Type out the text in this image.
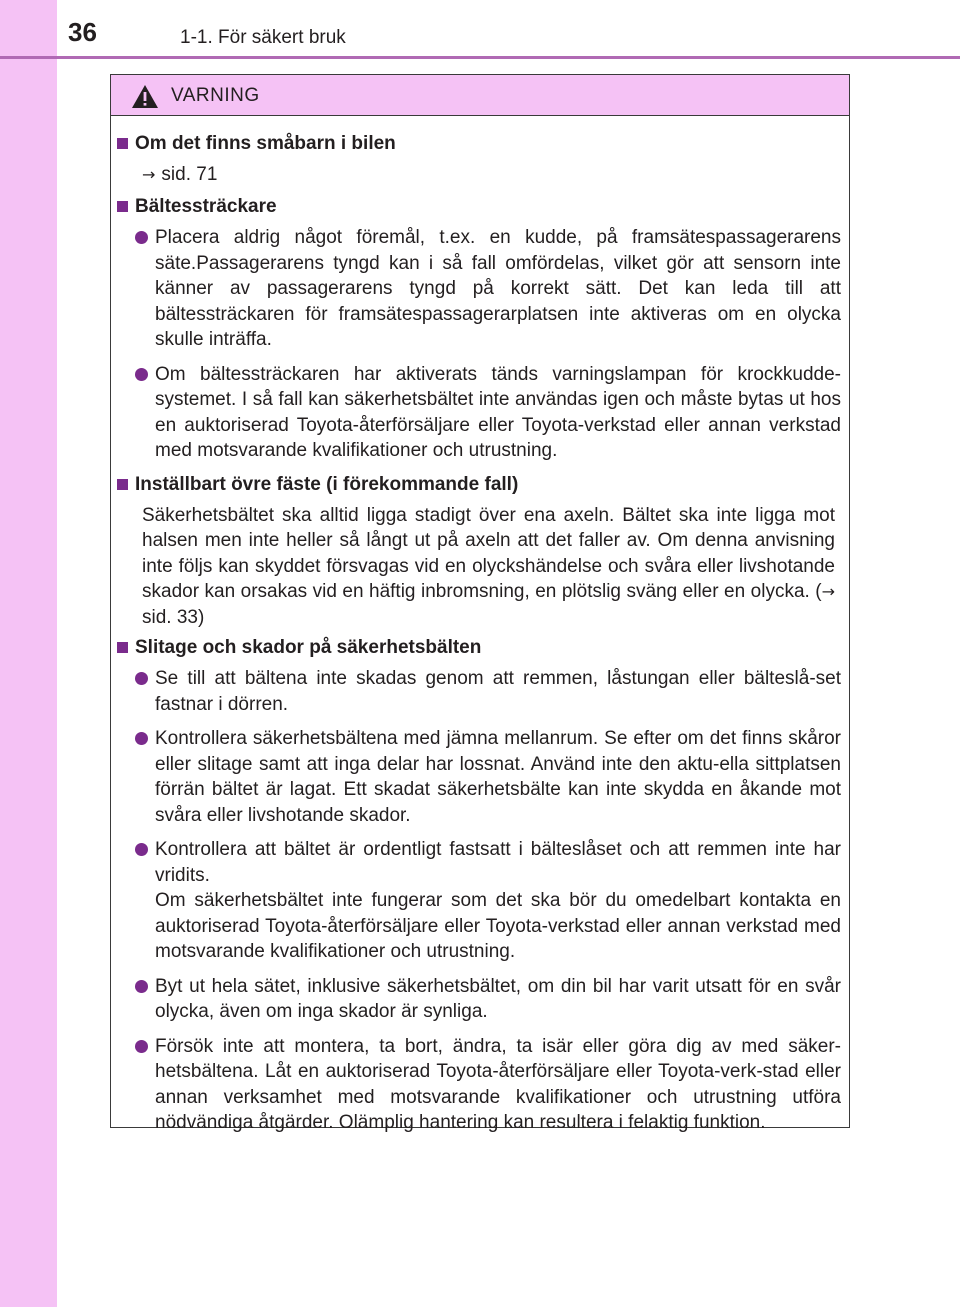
36	1-1. För säkert bruk
VARNING
Om det finns småbarn i bilen
→ sid. 71
Bältessträckare
Placera aldrig något föremål, t.ex. en kudde, på framsätespassagerarens säte.Passagerarens tyngd kan i så fall omfördelas, vilket gör att sensorn inte känner av passagerarens tyngd på korrekt sätt. Det kan leda till att bältessträckaren för framsätespassagerarplatsen inte aktiveras om en olycka skulle inträffa.
Om bältessträckaren har aktiverats tänds varningslampan för krockkudde-systemet. I så fall kan säkerhetsbältet inte användas igen och måste bytas ut hos en auktoriserad Toyota-återförsäljare eller Toyota-verkstad eller annan verkstad med motsvarande kvalifikationer och utrustning.
Inställbart övre fäste (i förekommande fall)
Säkerhetsbältet ska alltid ligga stadigt över ena axeln. Bältet ska inte ligga mot halsen men inte heller så långt ut på axeln att det faller av. Om denna anvisning inte följs kan skyddet försvagas vid en olyckshändelse och svåra eller livshotande skador kan orsakas vid en häftig inbromsning, en plötslig sväng eller en olycka. (→ sid. 33)
Slitage och skador på säkerhetsbälten
Se till att bältena inte skadas genom att remmen, låstungan eller bälteslå-set fastnar i dörren.
Kontrollera säkerhetsbältena med jämna mellanrum. Se efter om det finns skåror eller slitage samt att inga delar har lossnat. Använd inte den aktu-ella sittplatsen förrän bältet är lagat. Ett skadat säkerhetsbälte kan inte skydda en åkande mot svåra eller livshotande skador.
Kontrollera att bältet är ordentligt fastsatt i bälteslåset och att remmen inte har vridits.
Om säkerhetsbältet inte fungerar som det ska bör du omedelbart kontakta en auktoriserad Toyota-återförsäljare eller Toyota-verkstad eller annan verkstad med motsvarande kvalifikationer och utrustning.
Byt ut hela sätet, inklusive säkerhetsbältet, om din bil har varit utsatt för en svår olycka, även om inga skador är synliga.
Försök inte att montera, ta bort, ändra, ta isär eller göra dig av med säker-hetsbältena. Låt en auktoriserad Toyota-återförsäljare eller Toyota-verk-stad eller annan verksamhet med motsvarande kvalifikationer och utrustning utföra nödvändiga åtgärder. Olämplig hantering kan resultera i felaktig funktion.
